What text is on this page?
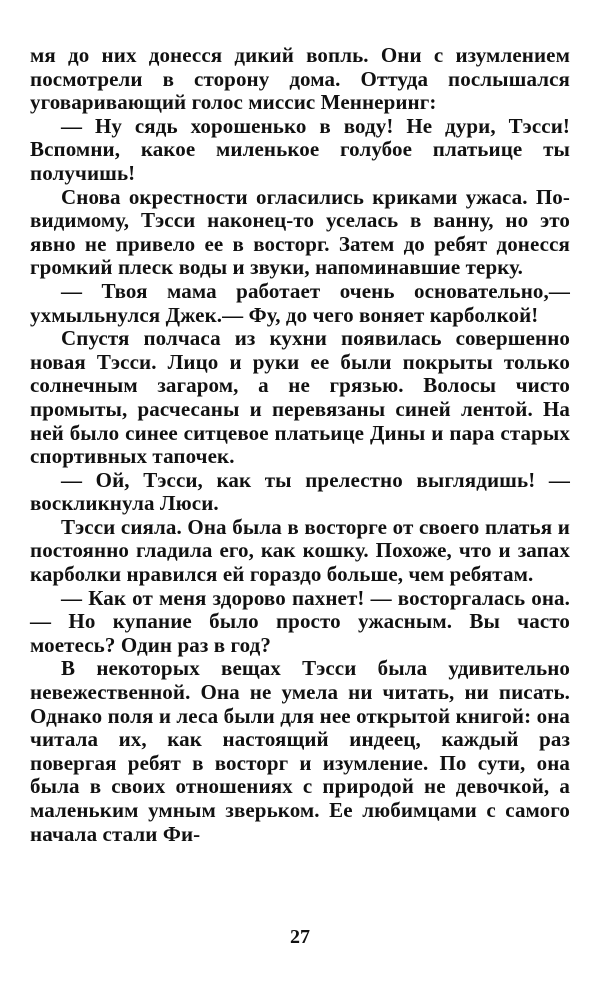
мя до них донесся дикий вопль. Они с изумлением посмотрели в сторону дома. Оттуда послышался уговаривающий голос миссис Меннеринг:

— Ну сядь хорошенько в воду! Не дури, Тэсси! Вспомни, какое миленькое голубое платьице ты получишь!

Снова окрестности огласились криками ужаса. По-видимому, Тэсси наконец-то уселась в ванну, но это явно не привело ее в восторг. Затем до ребят донесся громкий плеск воды и звуки, напоминавшие терку.

— Твоя мама работает очень основательно,— ухмыльнулся Джек.— Фу, до чего воняет карболкой!

Спустя полчаса из кухни появилась совершенно новая Тэсси. Лицо и руки ее были покрыты только солнечным загаром, а не грязью. Волосы чисто промыты, расчесаны и перевязаны синей лентой. На ней было синее ситцевое платьице Дины и пара старых спортивных тапочек.

— Ой, Тэсси, как ты прелестно выглядишь! — воскликнула Люси.

Тэсси сияла. Она была в восторге от своего платья и постоянно гладила его, как кошку. Похоже, что и запах карболки нравился ей гораздо больше, чем ребятам.

— Как от меня здорово пахнет! — восторгалась она.— Но купание было просто ужасным. Вы часто моетесь? Один раз в год?

В некоторых вещах Тэсси была удивительно невежественной. Она не умела ни читать, ни писать. Однако поля и леса были для нее открытой книгой: она читала их, как настоящий индеец, каждый раз повергая ребят в восторг и изумление. По сути, она была в своих отношениях с природой не девочкой, а маленьким умным зверьком. Ее любимцами с самого начала стали Фи-

27
